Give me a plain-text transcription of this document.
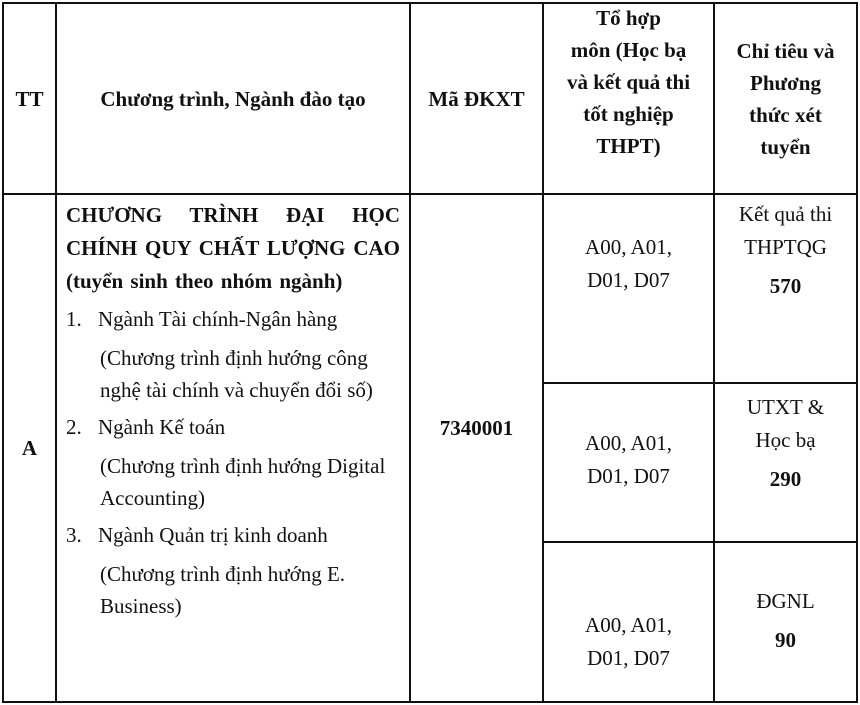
TT	Chương trình, Ngành đào tạo	Mã ĐKXT
Tổ hợp
môn (Học bạ
và kết quả thi
tốt nghiệp
THPT)
Chỉ tiêu và
Phương
thức xét
tuyển
A
CHƯƠNG TRÌNH ĐẠI HỌC CHÍNH QUY CHẤT LƯỢNG CAO (tuyển sinh theo nhóm ngành)
1. Ngành Tài chính-Ngân hàng
(Chương trình định hướng công nghệ tài chính và chuyển đổi số)
2. Ngành Kế toán
(Chương trình định hướng Digital Accounting)
3. Ngành Quản trị kinh doanh
(Chương trình định hướng E. Business)
7340001
A00, A01,
D01, D07
Kết quả thi
THPTQG
570
A00, A01,
D01, D07
UTXT &
Học bạ
290
A00, A01,
D01, D07
ĐGNL
90
